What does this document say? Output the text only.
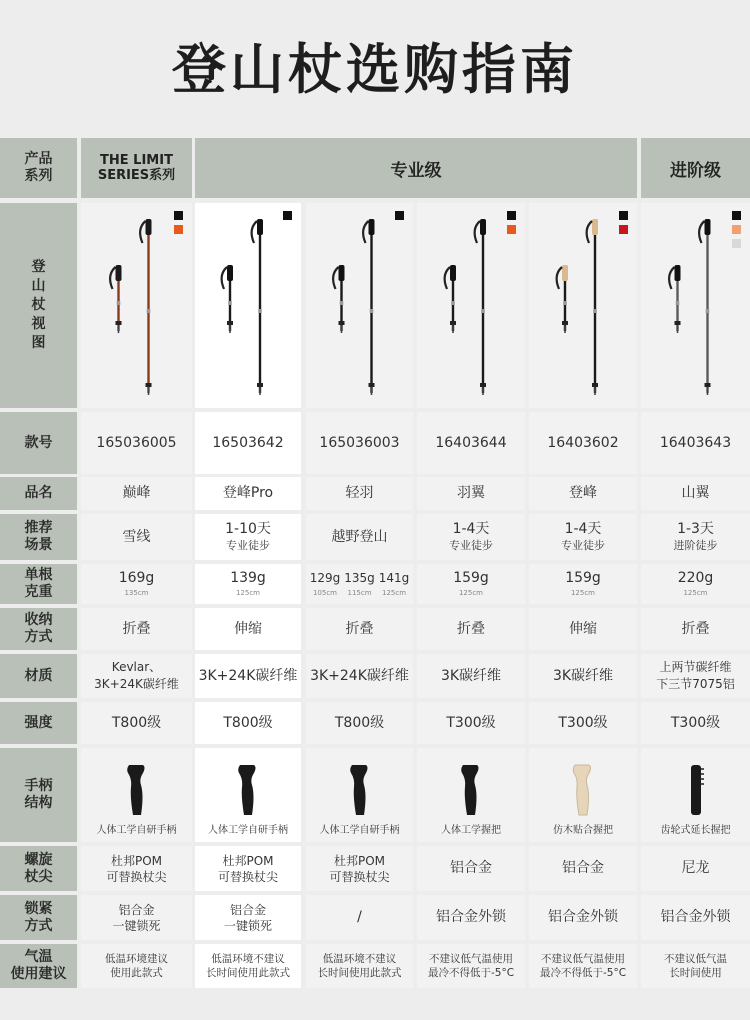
登山杖选购指南
产品
系列
登
山
杖
视
图
款号
品名
推荐
场景
单根
克重
收纳
方式
材质
强度
手柄
结构
螺旋
杖尖
锁紧
方式
气温
使用建议
THE LIMIT
SERIES系列	专业级	进阶级
165036005
巅峰
雪线
169g
135cm
折叠
Kevlar、
3K+24K碳纤维
T800级
人体工学自研手柄
杜邦POM
可替换杖尖
铝合金
一键锁死
低温环境建议
使用此款式
16503642
登峰Pro
1-10天
专业徒步
139g
125cm
伸缩
3K+24K碳纤维
T800级
人体工学自研手柄
杜邦POM
可替换杖尖
铝合金
一键锁死
低温环境不建议
长时间使用此款式
165036003
轻羽
越野登山
129g
105cm
135g
115cm
141g
125cm
折叠
3K+24K碳纤维
T800级
人体工学自研手柄
杜邦POM
可替换杖尖
/
低温环境不建议
长时间使用此款式
16403644
羽翼
1-4天
专业徒步
159g
125cm
折叠
3K碳纤维
T300级
人体工学握把
铝合金
铝合金外锁
不建议低气温使用
最冷不得低于-5°C
16403602
登峰
1-4天
专业徒步
159g
125cm
伸缩
3K碳纤维
T300级
仿木贴合握把
铝合金
铝合金外锁
不建议低气温使用
最冷不得低于-5°C
16403643
山翼
1-3天
进阶徒步
220g
125cm
折叠
上两节碳纤维
下三节7075铝
T300级
齿轮式延长握把
尼龙
铝合金外锁
不建议低气温
长时间使用
